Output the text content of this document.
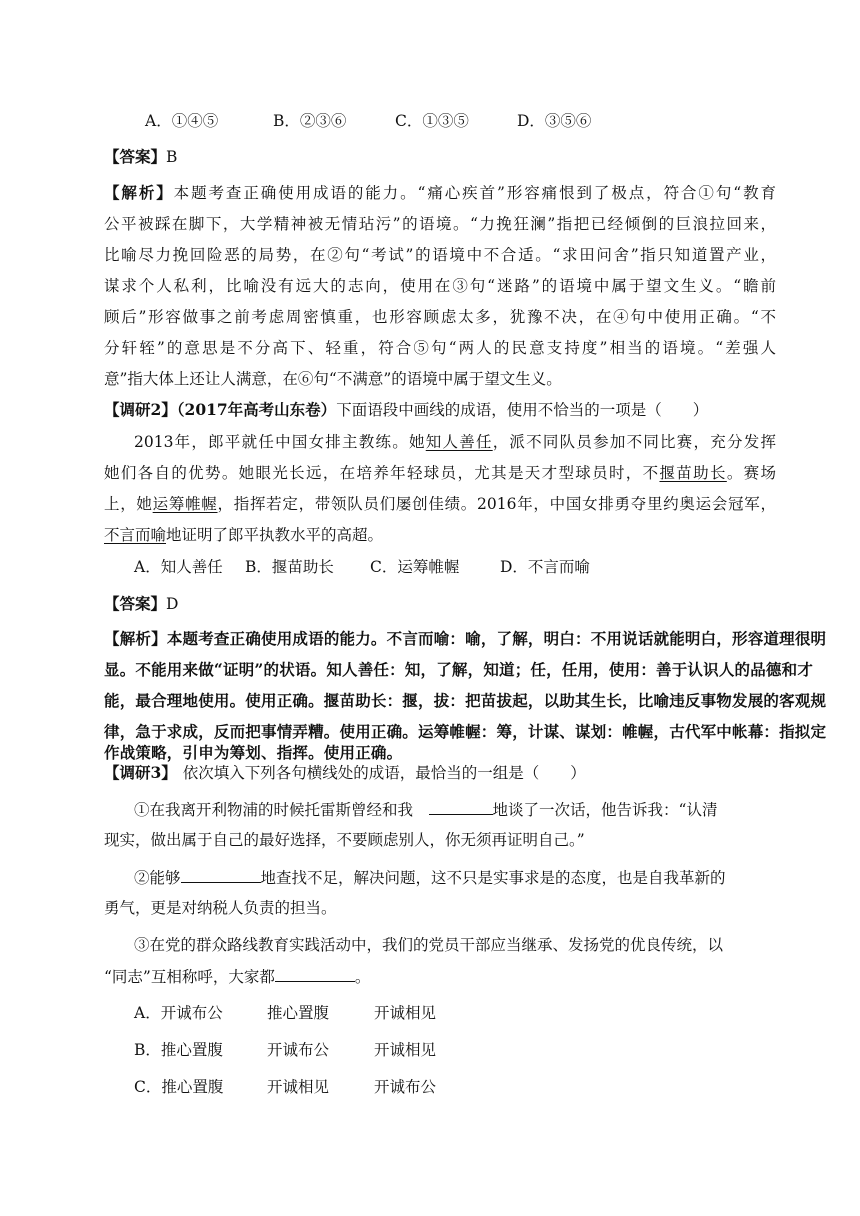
A．①④⑤	B．②③⑥	C．①③⑤	D．③⑤⑥
【答案】B
【解析】本题考查正确使用成语的能力。“痛心疾首”形容痛恨到了极点，符合①句“教育
公平被踩在脚下，大学精神被无情玷污”的语境。“力挽狂澜”指把已经倾倒的巨浪拉回来，
比喻尽力挽回险恶的局势，在②句“考试”的语境中不合适。“求田问舍”指只知道置产业，
谋求个人私利，比喻没有远大的志向，使用在③句“迷路”的语境中属于望文生义。“瞻前
顾后”形容做事之前考虑周密慎重，也形容顾虑太多，犹豫不决，在④句中使用正确。“不
分轩轾”的意思是不分高下、轻重，符合⑤句“两人的民意支持度”相当的语境。“差强人
意”指大体上还让人满意，在⑥句“不满意”的语境中属于望文生义。
【调研2】（2017年高考山东卷）下面语段中画线的成语，使用不恰当的一项是（　　）
2013年，郎平就任中国女排主教练。她知人善任，派不同队员参加不同比赛，充分发挥
她们各自的优势。她眼光长远，在培养年轻球员，尤其是天才型球员时，不揠苗助长。赛场
上，她运筹帷幄，指挥若定，带领队员们屡创佳绩。2016年，中国女排勇夺里约奥运会冠军，
不言而喻地证明了郎平执教水平的高超。
A．知人善任 B．揠苗助长 C．运筹帷幄	D．不言而喻
【答案】D
【解析】本题考查正确使用成语的能力。不言而喻：喻，了解，明白：不用说话就能明白，形容道理很明
显。不能用来做“证明”的状语。知人善任：知，了解，知道；任，任用，使用：善于认识人的品德和才
能，最合理地使用。使用正确。揠苗助长：揠，拔：把苗拔起，以助其生长，比喻违反事物发展的客观规
律，急于求成，反而把事情弄糟。使用正确。运筹帷幄：筹，计谋、谋划：帷幄，古代军中帐幕：指拟定
作战策略，引申为筹划、指挥。使用正确。
【调研3】 依次填入下列各句横线处的成语，最恰当的一组是（　　）
①在我离开利物浦的时候托雷斯曾经和我　	地谈了一次话，他告诉我：“认清
现实，做出属于自己的最好选择，不要顾虑别人，你无须再证明自己。”
②能够	地查找不足，解决问题，这不只是实事求是的态度，也是自我革新的
勇气，更是对纳税人负责的担当。
③在党的群众路线教育实践活动中，我们的党员干部应当继承、发扬党的优良传统，以
“同志”互相称呼，大家都	。
A．开诚布公	推心置腹	开诚相见
B．推心置腹	开诚布公	开诚相见
C．推心置腹	开诚相见	开诚布公
